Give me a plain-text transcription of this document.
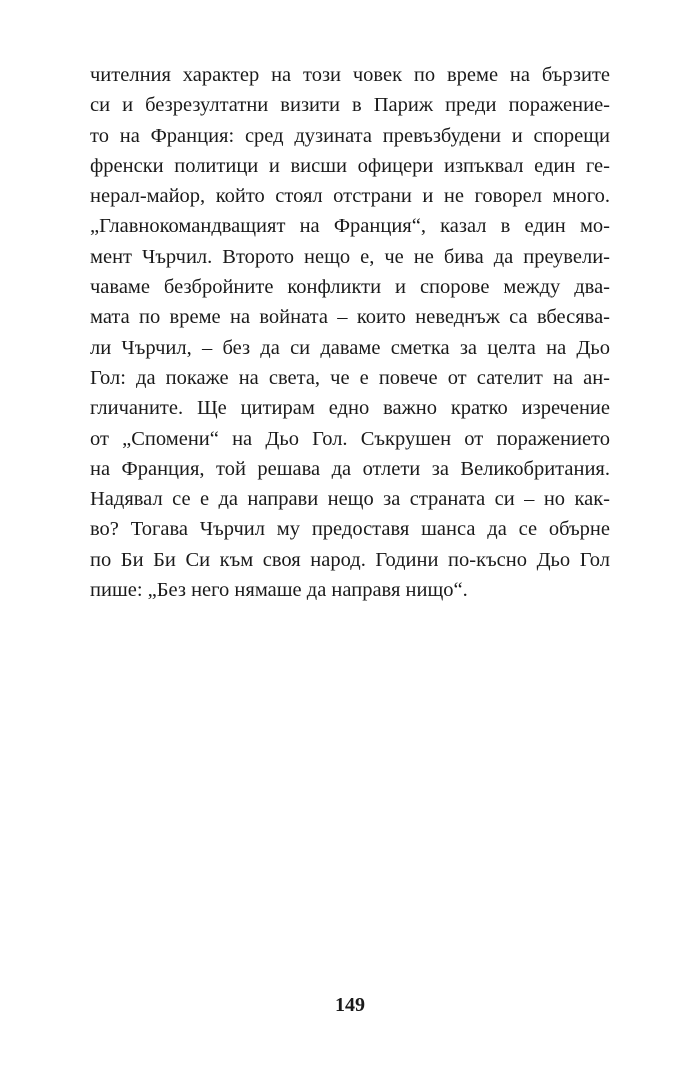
чителния характер на този човек по време на бързите
си и безрезултатни визити в Париж преди поражение-
то на Франция: сред дузината превъзбудени и спорещи
френски политици и висши офицери изпъквал един ге-
нерал-майор, който стоял отстрани и не говорел много.
„Главнокомандващият на Франция“, казал в един мо-
мент Чърчил. Второто нещо е, че не бива да преувели-
чаваме безбройните конфликти и спорове между два-
мата по време на войната – които неведнъж са вбесява-
ли Чърчил, – без да си даваме сметка за целта на Дьо
Гол: да покаже на света, че е повече от сателит на ан-
гличаните. Ще цитирам едно важно кратко изречение
от „Спомени“ на Дьо Гол. Съкрушен от поражението
на Франция, той решава да отлети за Великобритания.
Надявал се е да направи нещо за страната си – но как-
во? Тогава Чърчил му предоставя шанса да се обърне
по Би Би Си към своя народ. Години по-късно Дьо Гол
пише: „Без него нямаше да направя нищо“.
149
